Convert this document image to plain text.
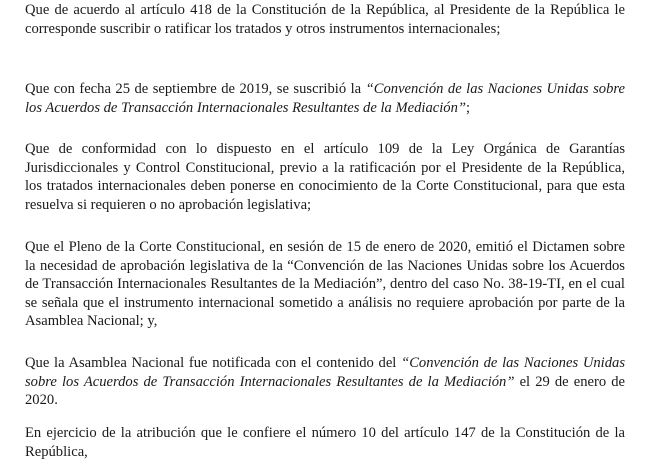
Que de acuerdo al artículo 418 de la Constitución de la República, al Presidente de la República le corresponde suscribir o ratificar los tratados y otros instrumentos internacionales;

Que con fecha 25 de septiembre de 2019, se suscribió la “Convención de las Naciones Unidas sobre los Acuerdos de Transacción Internacionales Resultantes de la Mediación”;

Que de conformidad con lo dispuesto en el artículo 109 de la Ley Orgánica de Garantías Jurisdiccionales y Control Constitucional, previo a la ratificación por el Presidente de la República, los tratados internacionales deben ponerse en conocimiento de la Corte Constitucional, para que esta resuelva si requieren o no aprobación legislativa;

Que el Pleno de la Corte Constitucional, en sesión de 15 de enero de 2020, emitió el Dictamen sobre la necesidad de aprobación legislativa de la “Convención de las Naciones Unidas sobre los Acuerdos de Transacción Internacionales Resultantes de la Mediación”, dentro del caso No. 38-19-TI, en el cual se señala que el instrumento internacional sometido a análisis no requiere aprobación por parte de la Asamblea Nacional; y,

Que la Asamblea Nacional fue notificada con el contenido del “Convención de las Naciones Unidas sobre los Acuerdos de Transacción Internacionales Resultantes de la Mediación” el 29 de enero de 2020.

En ejercicio de la atribución que le confiere el número 10 del artículo 147 de la Constitución de la República,
